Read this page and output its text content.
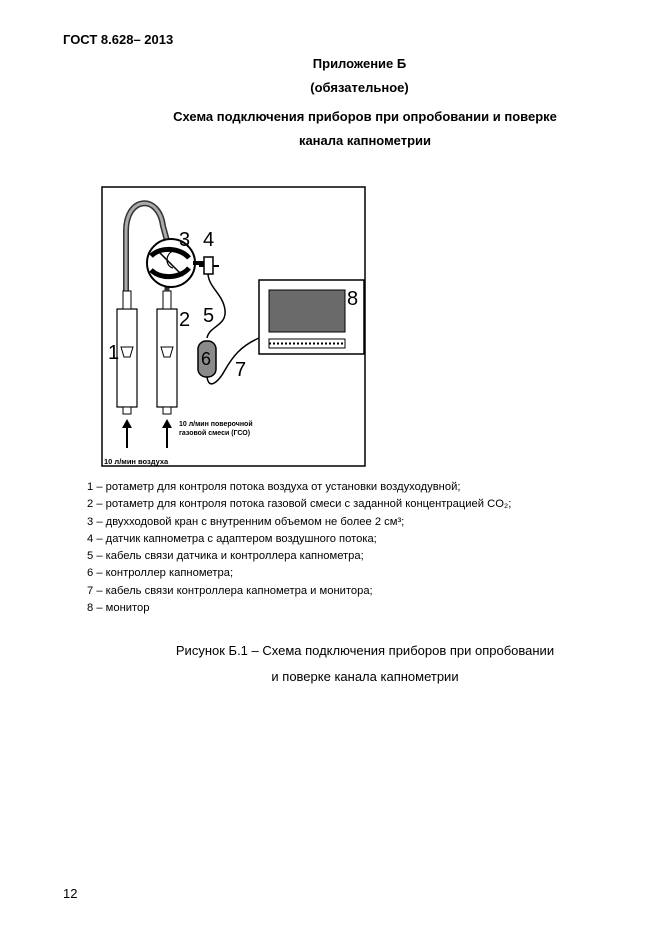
ГОСТ 8.628– 2013
Приложение Б
(обязательное)
Схема подключения приборов при опробовании и поверке
канала капнометрии
1
2
3 4
5
6 7
8
10 л/мин поверочной
газовой смеси (ГСО)
10 л/мин воздуха
1 – ротаметр для контроля потока воздуха от установки воздуходувной;
2 – ротаметр для контроля потока газовой смеси с заданной концентрацией CO₂;
3 – двухходовой кран с внутренним объемом не более 2 см³;
4 – датчик капнометра с адаптером воздушного потока;
5 – кабель связи датчика и контроллера капнометра;
6 – контроллер капнометра;
7 – кабель связи контроллера капнометра и монитора;
8 – монитор
Рисунок Б.1 – Схема подключения приборов при опробовании
и поверке канала капнометрии
12
